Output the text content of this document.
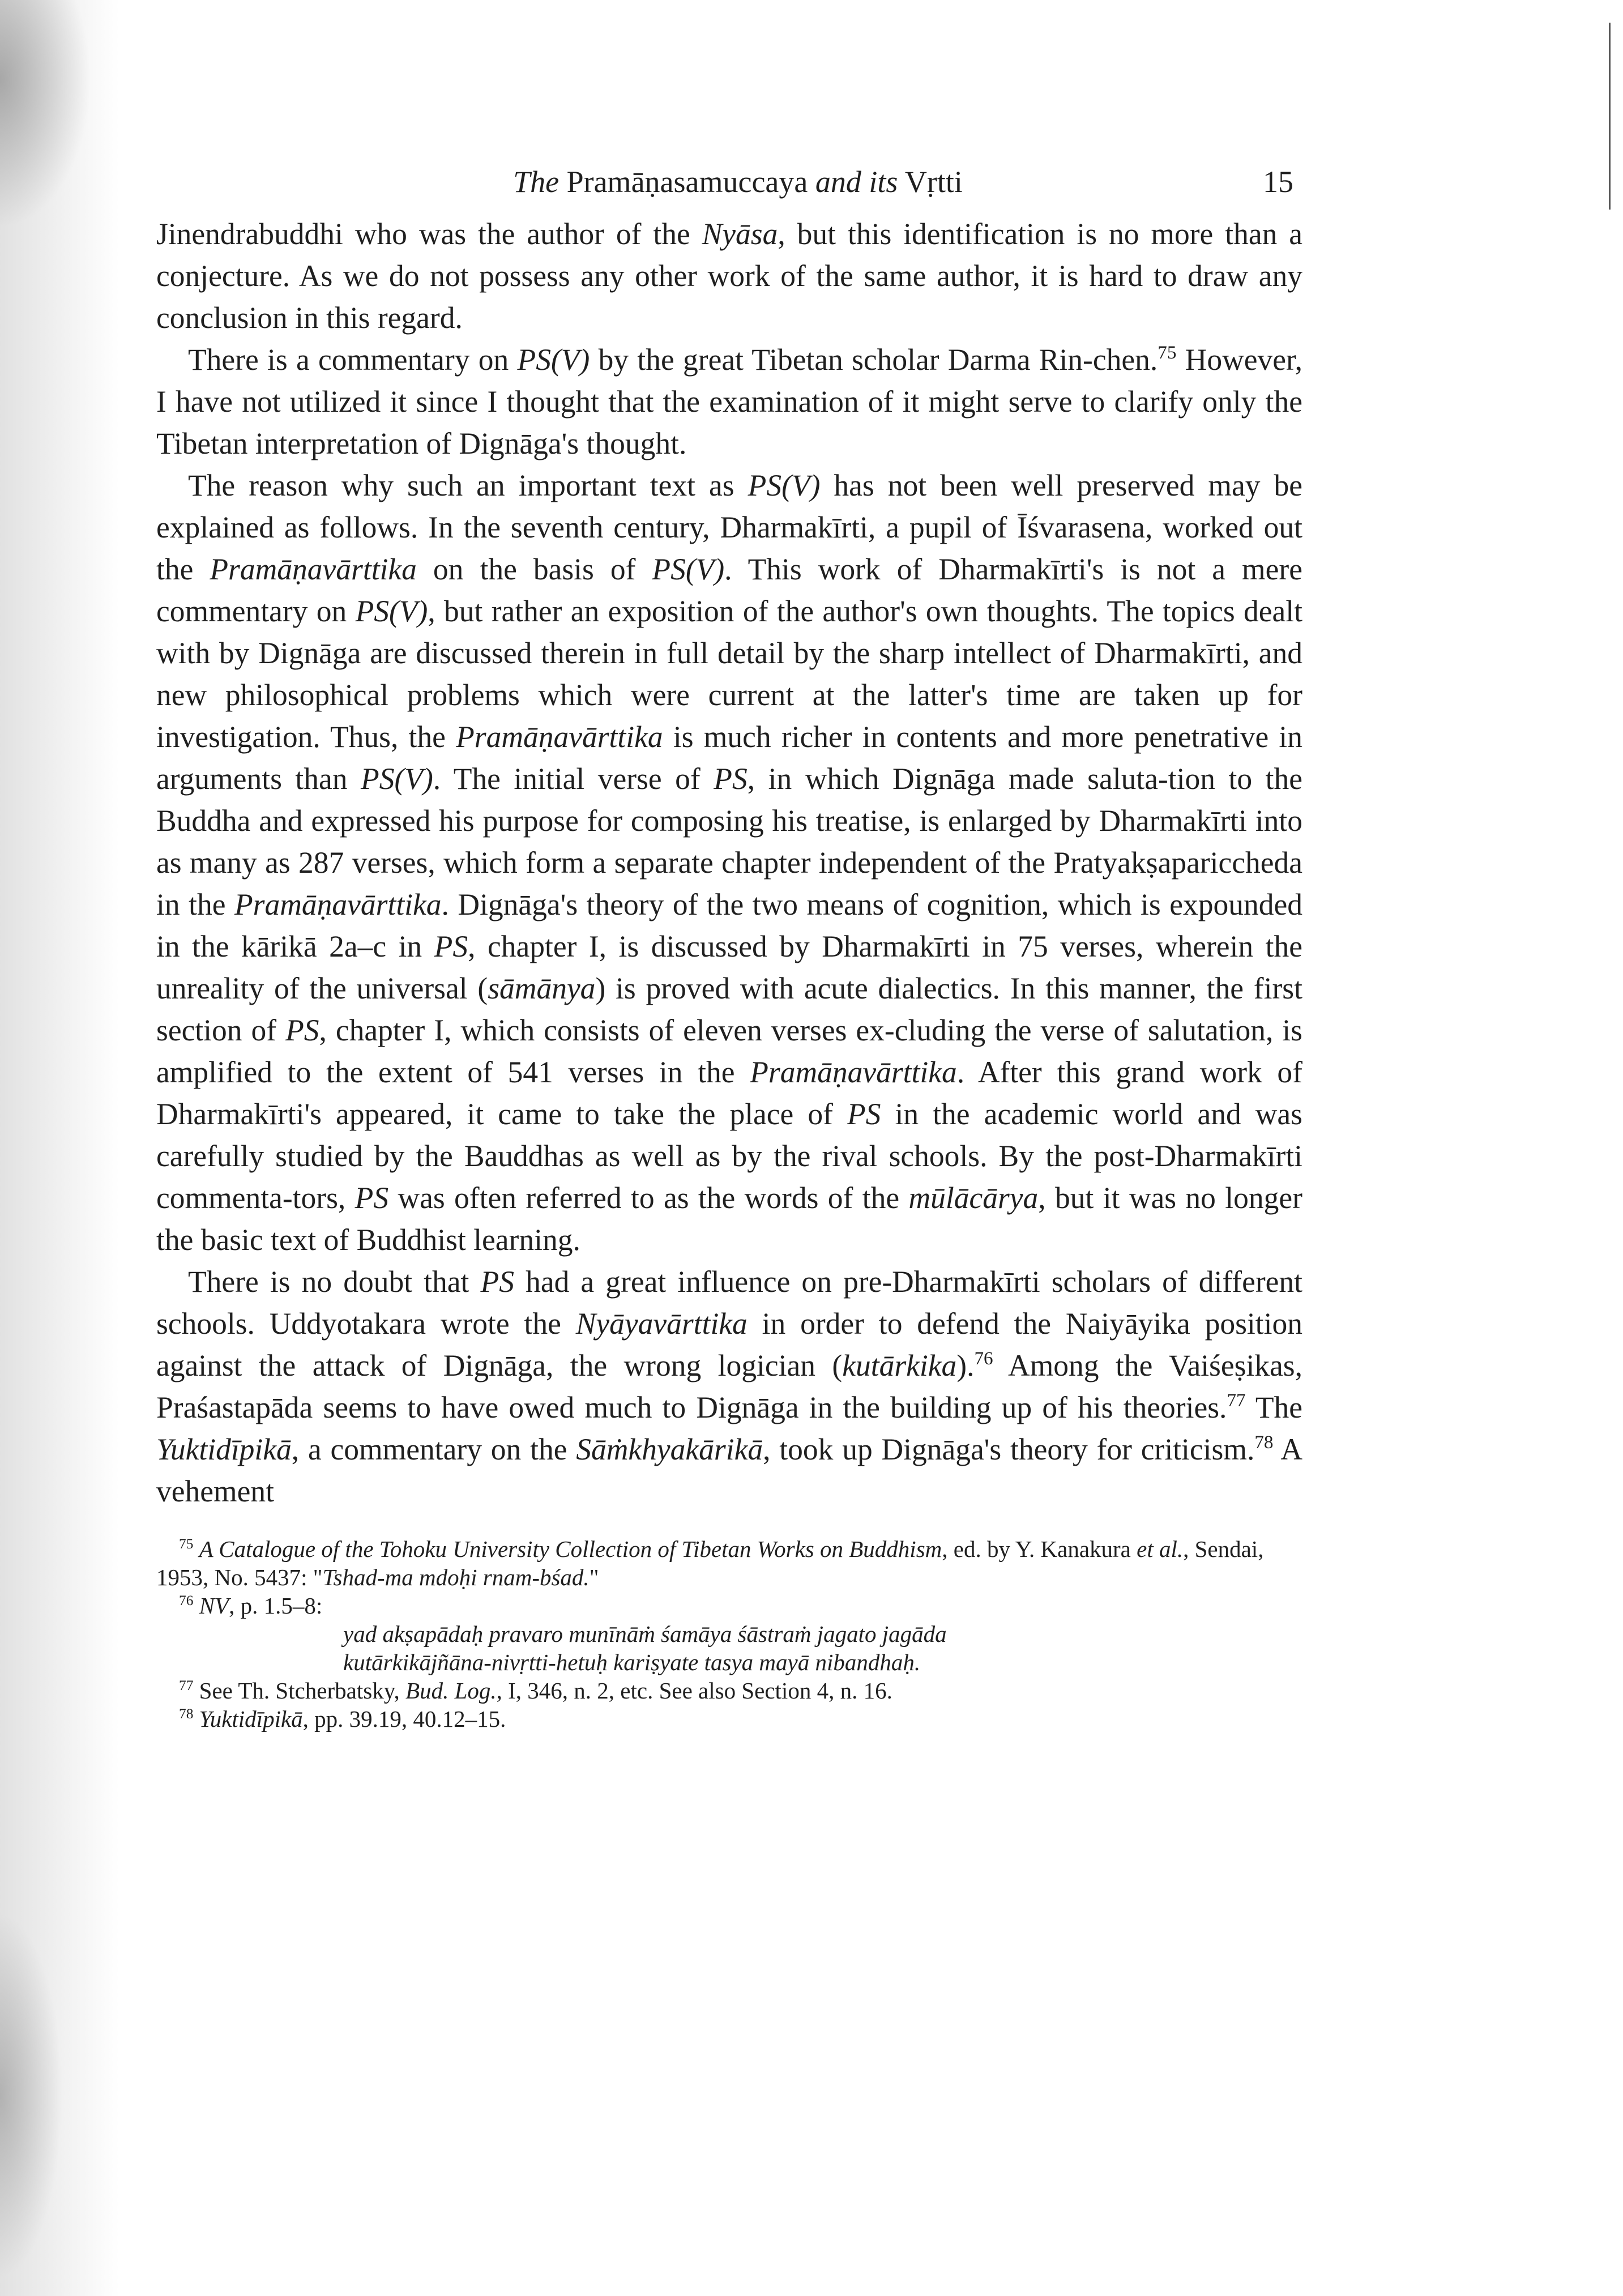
The Pramāṇasamuccaya and its Vṛtti	15

Jinendrabuddhi who was the author of the Nyāsa, but this identification is no more than a conjecture. As we do not possess any other work of the same author, it is hard to draw any conclusion in this regard.

There is a commentary on PS(V) by the great Tibetan scholar Darma Rin-chen.$^{75}$ However, I have not utilized it since I thought that the examination of it might serve to clarify only the Tibetan interpretation of Dignāga's thought.

The reason why such an important text as PS(V) has not been well preserved may be explained as follows. In the seventh century, Dharmakīrti, a pupil of Īśvarasena, worked out the Pramāṇavārttika on the basis of PS(V). This work of Dharmakīrti's is not a mere commentary on PS(V), but rather an exposition of the author's own thoughts. The topics dealt with by Dignāga are discussed therein in full detail by the sharp intellect of Dharmakīrti, and new philosophical problems which were current at the latter's time are taken up for investigation. Thus, the Pramāṇavārttika is much richer in contents and more penetrative in arguments than PS(V). The initial verse of PS, in which Dignāga made saluta-tion to the Buddha and expressed his purpose for composing his treatise, is enlarged by Dharmakīrti into as many as 287 verses, which form a separate chapter independent of the Pratyakṣapariccheda in the Pramāṇavārttika. Dignāga's theory of the two means of cognition, which is expounded in the kārikā 2a–c in PS, chapter I, is discussed by Dharmakīrti in 75 verses, wherein the unreality of the universal (sāmānya) is proved with acute dialectics. In this manner, the first section of PS, chapter I, which consists of eleven verses ex-cluding the verse of salutation, is amplified to the extent of 541 verses in the Pramāṇavārttika. After this grand work of Dharmakīrti's appeared, it came to take the place of PS in the academic world and was carefully studied by the Bauddhas as well as by the rival schools. By the post-Dharmakīrti commenta-tors, PS was often referred to as the words of the mūlācārya, but it was no longer the basic text of Buddhist learning.

There is no doubt that PS had a great influence on pre-Dharmakīrti scholars of different schools. Uddyotakara wrote the Nyāyavārttika in order to defend the Naiyāyika position against the attack of Dignāga, the wrong logician (kutārkika).$^{76}$ Among the Vaiśeṣikas, Praśastapāda seems to have owed much to Dignāga in the building up of his theories.$^{77}$ The Yuktidīpikā, a commentary on the Sāṁkhyakārikā, took up Dignāga's theory for criticism.$^{78}$ A vehement

$^{75}$ A Catalogue of the Tohoku University Collection of Tibetan Works on Buddhism, ed. by Y. Kanakura et al., Sendai, 1953, No. 5437: "Tshad-ma mdoḥi rnam-bśad."

$^{76}$ NV, p. 1.5–8:

yad akṣapādaḥ pravaro munīnāṁ śamāya śāstraṁ jagato jagāda

kutārkikājñāna-nivṛtti-hetuḥ kariṣyate tasya mayā nibandhaḥ.

$^{77}$ See Th. Stcherbatsky, Bud. Log., I, 346, n. 2, etc. See also Section 4, n. 16.

$^{78}$ Yuktidīpikā, pp. 39.19, 40.12–15.
